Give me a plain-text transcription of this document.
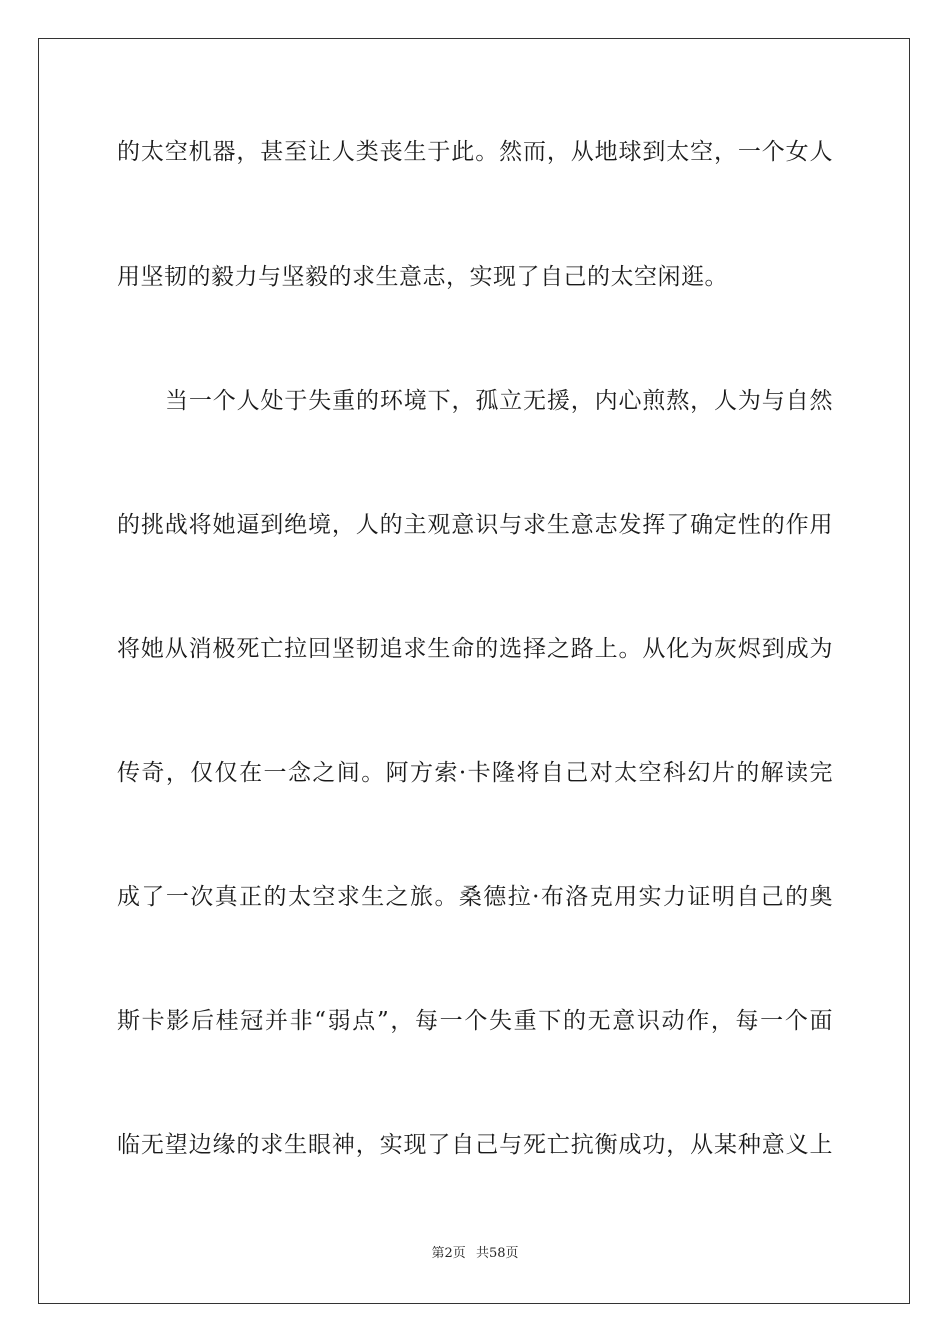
的太空机器，甚至让人类丧生于此。然而，从地球到太空，一个女人
用坚韧的毅力与坚毅的求生意志，实现了自己的太空闲逛。
当一个人处于失重的环境下，孤立无援，内心煎熬，人为与自然
的挑战将她逼到绝境，人的主观意识与求生意志发挥了确定性的作用
将她从消极死亡拉回坚韧追求生命的选择之路上。从化为灰烬到成为
传奇，仅仅在一念之间。阿方索·卡隆将自己对太空科幻片的解读完
成了一次真正的太空求生之旅。桑德拉·布洛克用实力证明自己的奥
斯卡影后桂冠并非“弱点”，每一个失重下的无意识动作，每一个面
临无望边缘的求生眼神，实现了自己与死亡抗衡成功，从某种意义上
第2页 共58页
